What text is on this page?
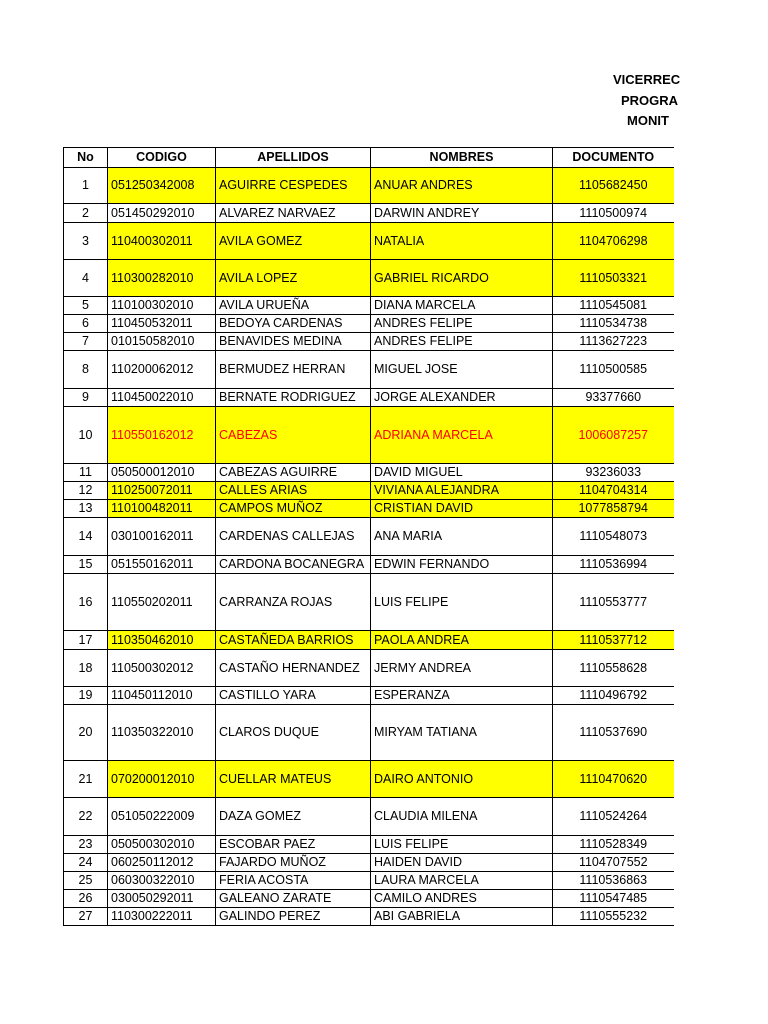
VICERREC
PROGRA
MONIT
No	CODIGO	APELLIDOS	NOMBRES	DOCUMENTO
1	051250342008	AGUIRRE CESPEDES	ANUAR ANDRES	1105682450
2	051450292010	ALVAREZ NARVAEZ	DARWIN ANDREY	1110500974
3	110400302011	AVILA GOMEZ	NATALIA	1104706298
4	110300282010	AVILA LOPEZ	GABRIEL RICARDO	1110503321
5	110100302010	AVILA URUEÑA	DIANA MARCELA	1110545081
6	110450532011	BEDOYA CARDENAS	ANDRES FELIPE	1110534738
7	010150582010	BENAVIDES MEDINA	ANDRES FELIPE	1113627223
8	110200062012	BERMUDEZ HERRAN	MIGUEL JOSE	1110500585
9	110450022010	BERNATE RODRIGUEZ	JORGE ALEXANDER	93377660
10	110550162012	CABEZAS	ADRIANA MARCELA	1006087257
11	050500012010	CABEZAS AGUIRRE	DAVID MIGUEL	93236033
12	110250072011	CALLES ARIAS	VIVIANA ALEJANDRA	1104704314
13	110100482011	CAMPOS MUÑOZ	CRISTIAN DAVID	1077858794
14	030100162011	CARDENAS CALLEJAS	ANA MARIA	1110548073
15	051550162011	CARDONA BOCANEGRA	EDWIN FERNANDO	1110536994
16	110550202011	CARRANZA ROJAS	LUIS FELIPE	1110553777
17	110350462010	CASTAÑEDA BARRIOS	PAOLA ANDREA	1110537712
18	110500302012	CASTAÑO HERNANDEZ	JERMY ANDREA	1110558628
19	110450112010	CASTILLO YARA	ESPERANZA	1110496792
20	110350322010	CLAROS DUQUE	MIRYAM TATIANA	1110537690
21	070200012010	CUELLAR MATEUS	DAIRO ANTONIO	1110470620
22	051050222009	DAZA GOMEZ	CLAUDIA MILENA	1110524264
23	050500302010	ESCOBAR PAEZ	LUIS FELIPE	1110528349
24	060250112012	FAJARDO MUÑOZ	HAIDEN DAVID	1104707552
25	060300322010	FERIA ACOSTA	LAURA MARCELA	1110536863
26	030050292011	GALEANO ZARATE	CAMILO ANDRES	1110547485
27	110300222011	GALINDO PEREZ	ABI GABRIELA	1110555232
